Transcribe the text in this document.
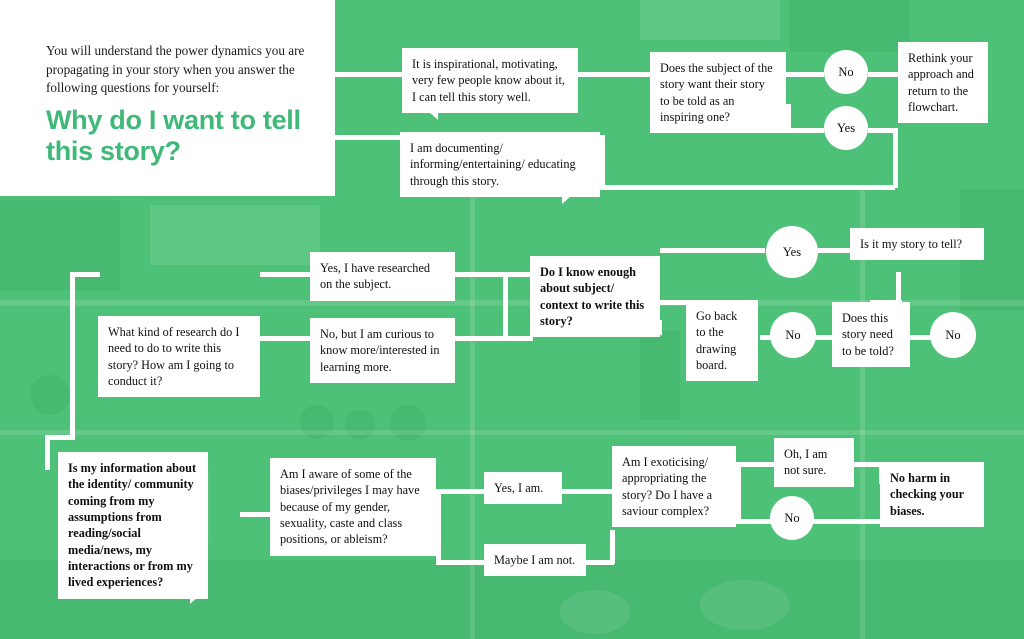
You will understand the power dynamics you are propagating in your story when you answer the following questions for yourself:
Why do I want to tell this story?
It is inspirational, motivating, very few people know about it, I can tell this story well.
Does the subject of the story want their story to be told as an inspiring one?
No
Rethink your approach and return to the flowchart.
Yes
I am documenting/ informing/entertaining/ educating through this story.
Yes
Is it my story to tell?
No
Does this story need to be told?
No
Go back to the drawing board.
Do I know enough about subject/ context to write this story?
Yes, I have researched on the subject.
No, but I am curious to know more/interested in learning more.
What kind of research do I need to do to write this story? How am I going to conduct it?
Is my information about the identity/ community coming from my assumptions from reading/social media/news, my interactions or from my lived experiences?
Am I aware of some of the biases/privileges I may have because of my gender, sexuality, caste and class positions, or ableism?
Yes, I am.
Maybe I am not.
Am I exoticising/ appropriating the story? Do I have a saviour complex?
Oh, I am not sure.
No
No harm in checking your biases.
